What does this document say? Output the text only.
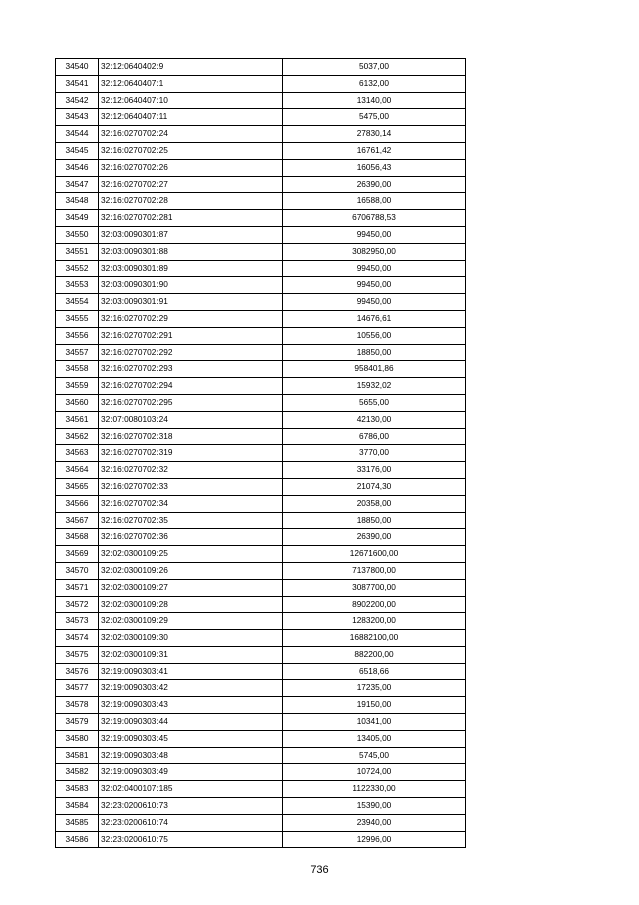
34540	32:12:0640402:9	5037,00
34541	32:12:0640407:1	6132,00
34542	32:12:0640407:10	13140,00
34543	32:12:0640407:11	5475,00
34544	32:16:0270702:24	27830,14
34545	32:16:0270702:25	16761,42
34546	32:16:0270702:26	16056,43
34547	32:16:0270702:27	26390,00
34548	32:16:0270702:28	16588,00
34549	32:16:0270702:281	6706788,53
34550	32:03:0090301:87	99450,00
34551	32:03:0090301:88	3082950,00
34552	32:03:0090301:89	99450,00
34553	32:03:0090301:90	99450,00
34554	32:03:0090301:91	99450,00
34555	32:16:0270702:29	14676,61
34556	32:16:0270702:291	10556,00
34557	32:16:0270702:292	18850,00
34558	32:16:0270702:293	958401,86
34559	32:16:0270702:294	15932,02
34560	32:16:0270702:295	5655,00
34561	32:07:0080103:24	42130,00
34562	32:16:0270702:318	6786,00
34563	32:16:0270702:319	3770,00
34564	32:16:0270702:32	33176,00
34565	32:16:0270702:33	21074,30
34566	32:16:0270702:34	20358,00
34567	32:16:0270702:35	18850,00
34568	32:16:0270702:36	26390,00
34569	32:02:0300109:25	12671600,00
34570	32:02:0300109:26	7137800,00
34571	32:02:0300109:27	3087700,00
34572	32:02:0300109:28	8902200,00
34573	32:02:0300109:29	1283200,00
34574	32:02:0300109:30	16882100,00
34575	32:02:0300109:31	882200,00
34576	32:19:0090303:41	6518,66
34577	32:19:0090303:42	17235,00
34578	32:19:0090303:43	19150,00
34579	32:19:0090303:44	10341,00
34580	32:19:0090303:45	13405,00
34581	32:19:0090303:48	5745,00
34582	32:19:0090303:49	10724,00
34583	32:02:0400107:185	1122330,00
34584	32:23:0200610:73	15390,00
34585	32:23:0200610:74	23940,00
34586	32:23:0200610:75	12996,00
736
